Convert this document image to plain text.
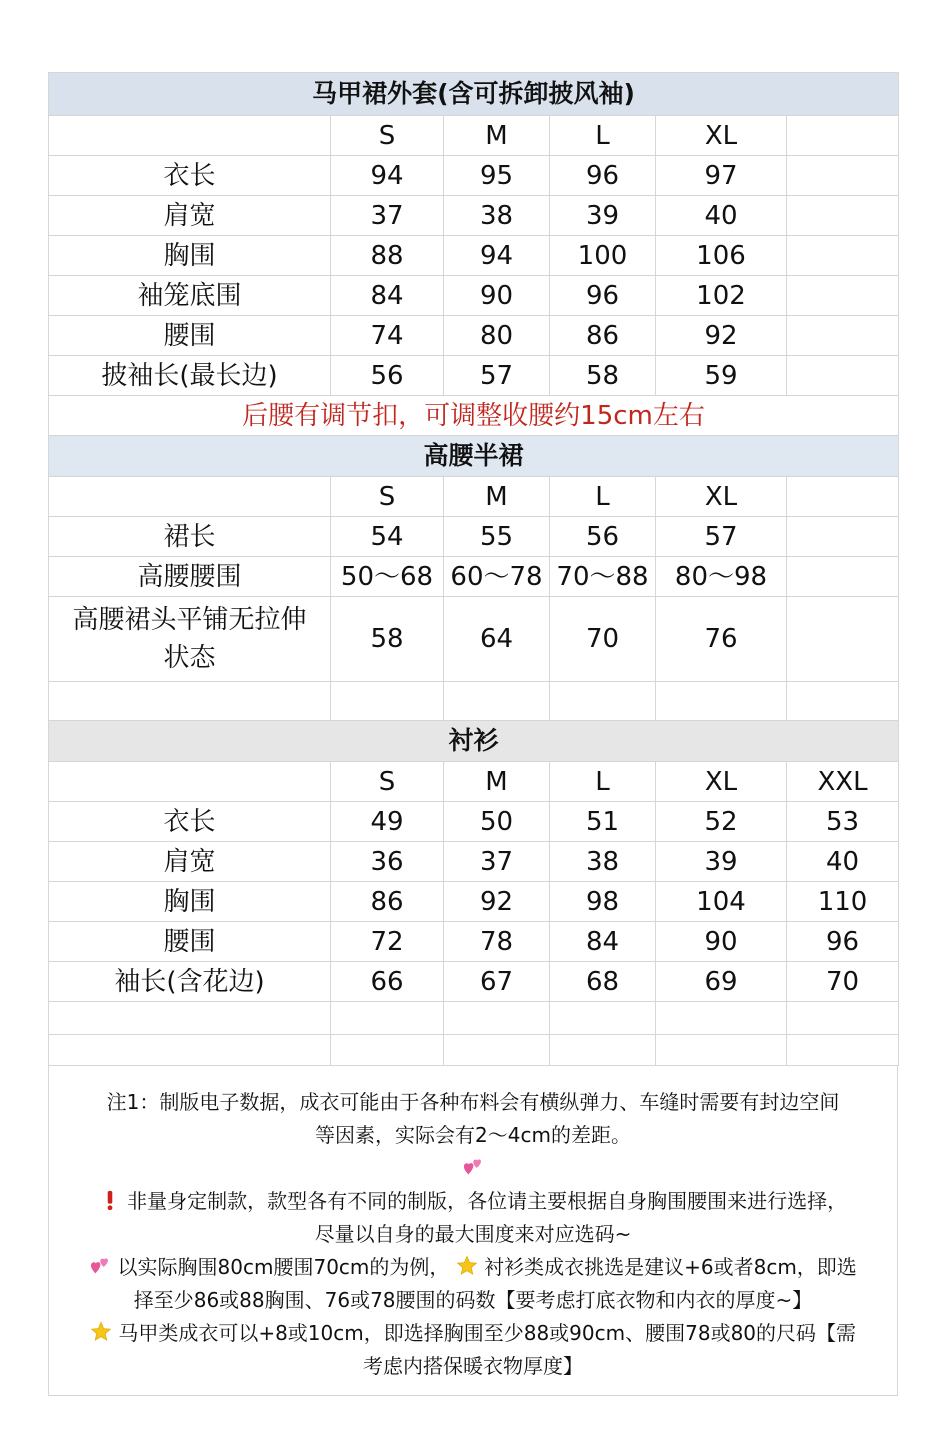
马甲裙外套(含可拆卸披风袖)					
	S	M	L	XL	
衣长	94	95	96	97	
肩宽	37	38	39	40	
胸围	88	94	100	106	
袖笼底围	84	90	96	102	
腰围	74	80	86	92	
披袖长(最长边)	56	57	58	59	
后腰有调节扣，可调整收腰约15cm左右					
高腰半裙					
	S	M	L	XL	
裙长	54	55	56	57	
高腰腰围	50～68	60～78	70～88	80～98	

高腰裙头平铺无拉伸
状态	58	64	70	76	

衬衫					
	S	M	L	XL	XXL
衣长	49	50	51	52	53
肩宽	36	37	38	39	40
胸围	86	92	98	104	110
腰围	72	78	84	90	96
袖长(含花边)	66	67	68	69	70

注1：制版电子数据，成衣可能由于各种布料会有横纵弹力、车缝时需要有封边空间

等因素，实际会有2～4cm的差距。

非量身定制款，款型各有不同的制版，各位请主要根据自身胸围腰围来进行选择，

尽量以自身的最大围度来对应选码~

以实际胸围80cm腰围70cm的为例， 衬衫类成衣挑选是建议+6或者8cm，即选

择至少86或88胸围、76或78腰围的码数【要考虑打底衣物和内衣的厚度~】

马甲类成衣可以+8或10cm，即选择胸围至少88或90cm、腰围78或80的尺码【需

考虑内搭保暖衣物厚度】
